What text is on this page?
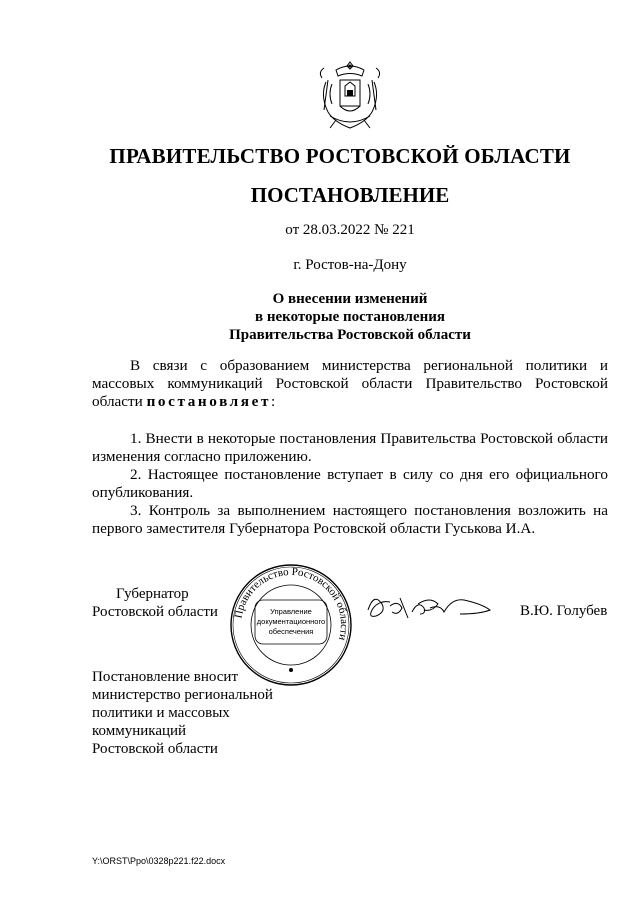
ПРАВИТЕЛЬСТВО РОСТОВСКОЙ ОБЛАСТИ
ПОСТАНОВЛЕНИЕ
от 28.03.2022 № 221
г. Ростов-на-Дону
О внесении изменений
в некоторые постановления
Правительства Ростовской области

В связи с образованием министерства региональной политики и массовых коммуникаций Ростовской области Правительство Ростовской области постановляет:

1. Внести в некоторые постановления Правительства Ростовской области изменения согласно приложению.

2. Настоящее постановление вступает в силу со дня его официального опубликования.

3. Контроль за выполнением настоящего постановления возложить на первого заместителя Губернатора Ростовской области Гуськова И.А.

Губернатор
Ростовской области Правительство Ростовской области
Управление
документационного
обеспечения
В.Ю. Голубев
Постановление вносит
министерство региональной
политики и массовых
коммуникаций
Ростовской области
Y:\ORST\Ppo\0328p221.f22.docx
